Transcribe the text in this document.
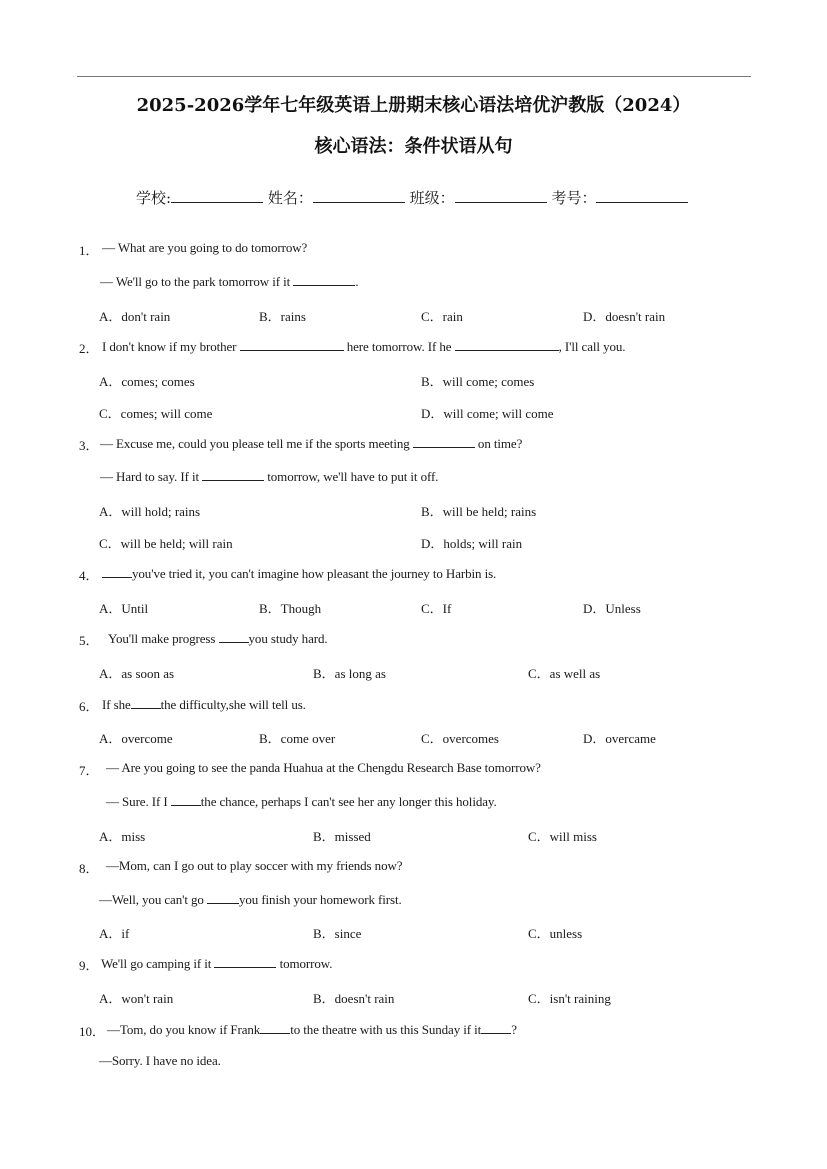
2025-2026学年七年级英语上册期末核心语法培优沪教版（2024）
核心语法：条件状语从句
学校:	姓名：	班级：	考号：
1． — What are you going to do tomorrow?
— We'll go to the park tomorrow if it	.
A．don't rain	B．rains	C．rain	D．doesn't rain
2． I don't know if my brother	here tomorrow. If he	, I'll call you.
A．comes; comes	B．will come; comes
C．comes; will come	D．will come; will come
3． — Excuse me, could you please tell me if the sports meeting	on time?
— Hard to say. If it	tomorrow, we'll have to put it off.
A．will hold; rains	B．will be held; rains
C．will be held; will rain	D．holds; will rain
4．	you've tried it, you can't imagine how pleasant the journey to Harbin is.
A．Until	B．Though	C．If	D．Unless
5． You'll make progress you study hard.
A．as soon as	B．as long as	C．as well as
6． If she the difficulty,she will tell us.
A．overcome	B．come over	C．overcomes	D．overcame
7． — Are you going to see the panda Huahua at the Chengdu Research Base tomorrow?
— Sure. If I the chance, perhaps I can't see her any longer this holiday.
A．miss	B．missed	C．will miss
8． —Mom, can I go out to play soccer with my friends now?
—Well, you can't go you finish your homework first.
A．if	B．since	C．unless
9． We'll go camping if it	tomorrow.
A．won't rain	B．doesn't rain	C．isn't raining
10． —Tom, do you know if Frank to the theatre with us this Sunday if it ?
—Sorry. I have no idea.
